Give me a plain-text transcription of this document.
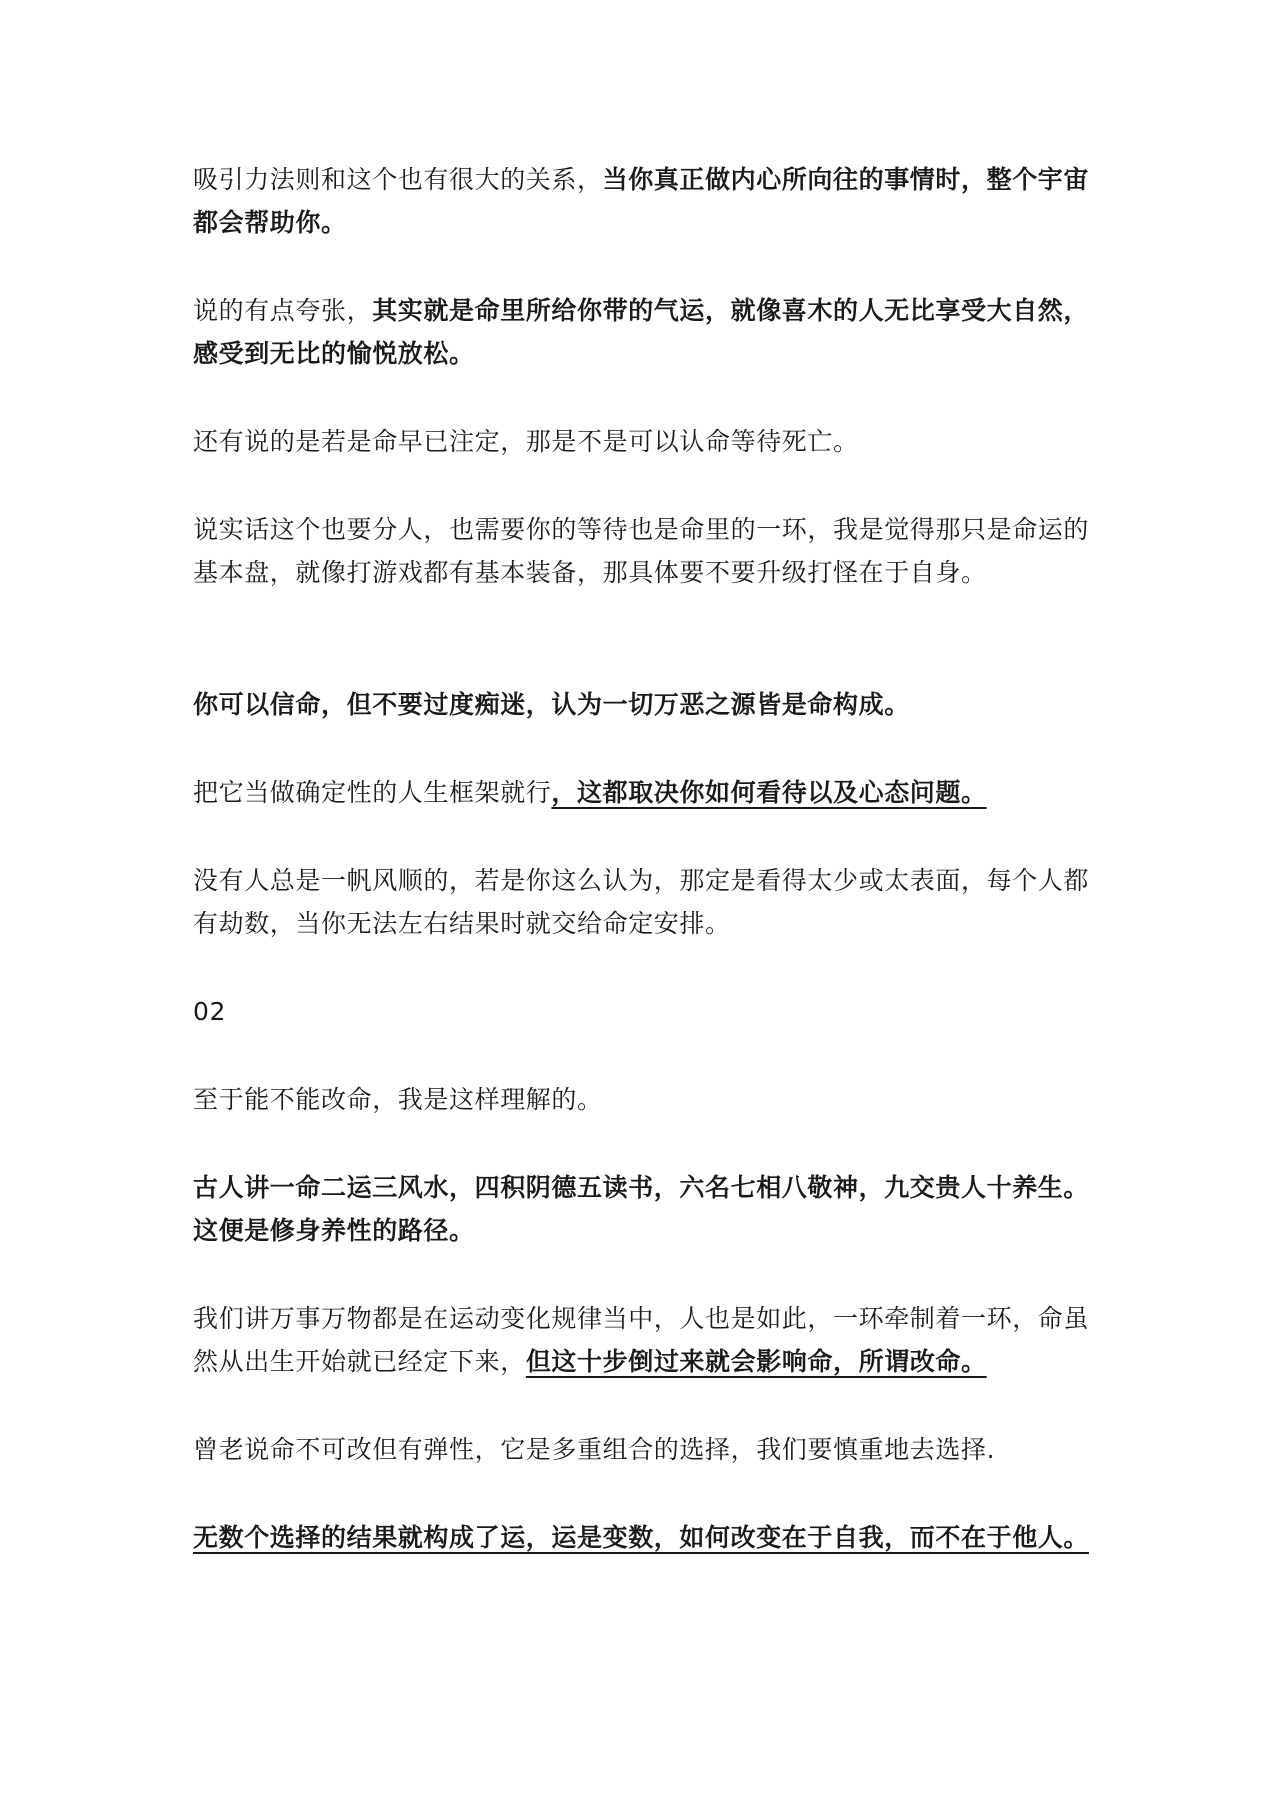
吸引力法则和这个也有很大的关系，当你真正做内心所向往的事情时，整个宇宙都会帮助你。

说的有点夸张，其实就是命里所给你带的气运，就像喜木的人无比享受大自然，感受到无比的愉悦放松。

还有说的是若是命早已注定，那是不是可以认命等待死亡。

说实话这个也要分人，也需要你的等待也是命里的一环，我是觉得那只是命运的基本盘，就像打游戏都有基本装备，那具体要不要升级打怪在于自身。

你可以信命，但不要过度痴迷，认为一切万恶之源皆是命构成。

把它当做确定性的人生框架就行，这都取决你如何看待以及心态问题。

没有人总是一帆风顺的，若是你这么认为，那定是看得太少或太表面，每个人都有劫数，当你无法左右结果时就交给命定安排。

02

至于能不能改命，我是这样理解的。

古人讲一命二运三风水，四积阴德五读书，六名七相八敬神，九交贵人十养生。这便是修身养性的路径。

我们讲万事万物都是在运动变化规律当中，人也是如此，一环牵制着一环，命虽然从出生开始就已经定下来，但这十步倒过来就会影响命，所谓改命。

曾老说命不可改但有弹性，它是多重组合的选择，我们要慎重地去选择.

无数个选择的结果就构成了运，运是变数，如何改变在于自我，而不在于他人。
